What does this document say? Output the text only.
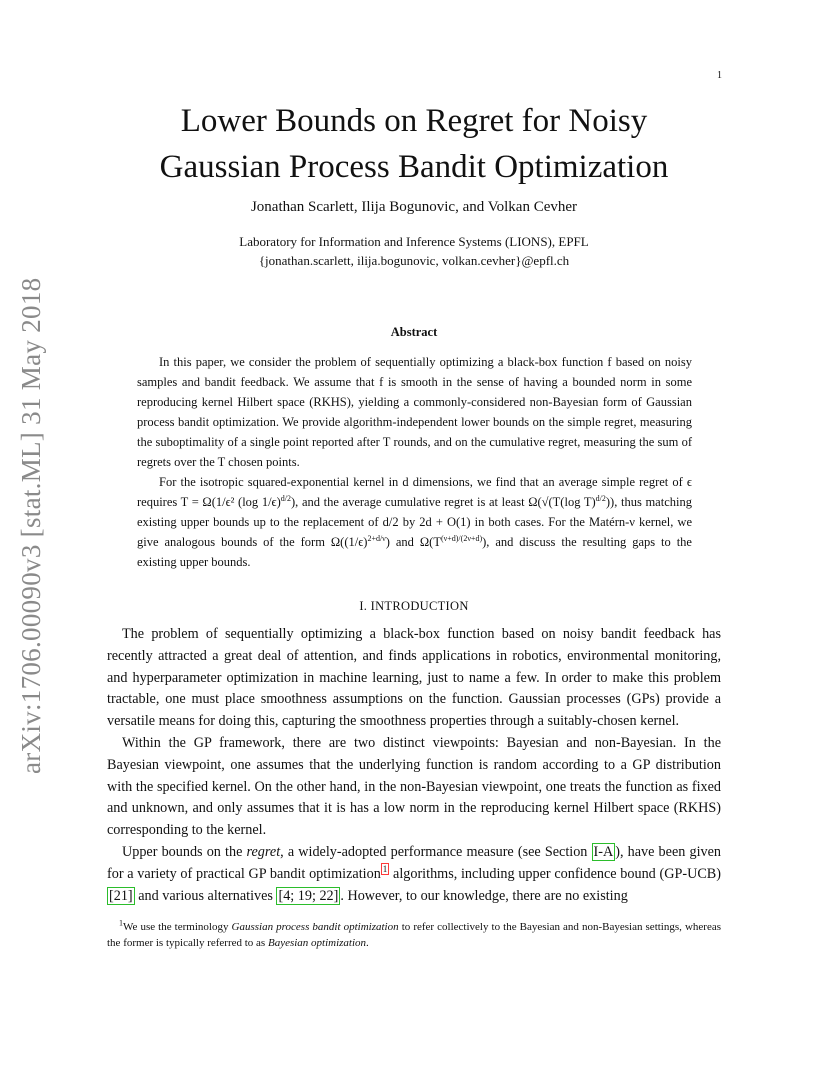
1
arXiv:1706.00090v3 [stat.ML] 31 May 2018
Lower Bounds on Regret for Noisy
Gaussian Process Bandit Optimization
Jonathan Scarlett, Ilija Bogunovic, and Volkan Cevher
Laboratory for Information and Inference Systems (LIONS), EPFL
{jonathan.scarlett, ilija.bogunovic, volkan.cevher}@epfl.ch
Abstract

In this paper, we consider the problem of sequentially optimizing a black-box function f based on noisy samples and bandit feedback. We assume that f is smooth in the sense of having a bounded norm in some reproducing kernel Hilbert space (RKHS), yielding a commonly-considered non-Bayesian form of Gaussian process bandit optimization. We provide algorithm-independent lower bounds on the simple regret, measuring the suboptimality of a single point reported after T rounds, and on the cumulative regret, measuring the sum of regrets over the T chosen points.

For the isotropic squared-exponential kernel in d dimensions, we find that an average simple regret of ϵ requires T = Ω(1/ϵ² (log 1/ϵ)$^{d/2}$), and the average cumulative regret is at least Ω(√(T(log T)$^{d/2}$)), thus matching existing upper bounds up to the replacement of d/2 by 2d + O(1) in both cases. For the Matérn-ν kernel, we give analogous bounds of the form $\Omega((1/\epsilon)^{2+d/\nu})$ and $\Omega(T^{(\nu+d)/(2\nu+d)})$, and discuss the resulting gaps to the existing upper bounds.

I. INTRODUCTION

The problem of sequentially optimizing a black-box function based on noisy bandit feedback has recently attracted a great deal of attention, and finds applications in robotics, environmental monitoring, and hyperparameter optimization in machine learning, just to name a few. In order to make this problem tractable, one must place smoothness assumptions on the function. Gaussian processes (GPs) provide a versatile means for doing this, capturing the smoothness properties through a suitably-chosen kernel.

Within the GP framework, there are two distinct viewpoints: Bayesian and non-Bayesian. In the Bayesian viewpoint, one assumes that the underlying function is random according to a GP distribution with the specified kernel. On the other hand, in the non-Bayesian viewpoint, one treats the function as fixed and unknown, and only assumes that it is has a low norm in the reproducing kernel Hilbert space (RKHS) corresponding to the kernel.

Upper bounds on the regret, a widely-adopted performance measure (see Section I-A ), have been given for a variety of practical GP bandit optimization $^1$ algorithms, including upper confidence bound (GP-UCB) [21] and various alternatives [4; 19; 22] . However, to our knowledge, there are no existing

$^1$We use the terminology Gaussian process bandit optimization to refer collectively to the Bayesian and non-Bayesian settings, whereas the former is typically referred to as Bayesian optimization.
